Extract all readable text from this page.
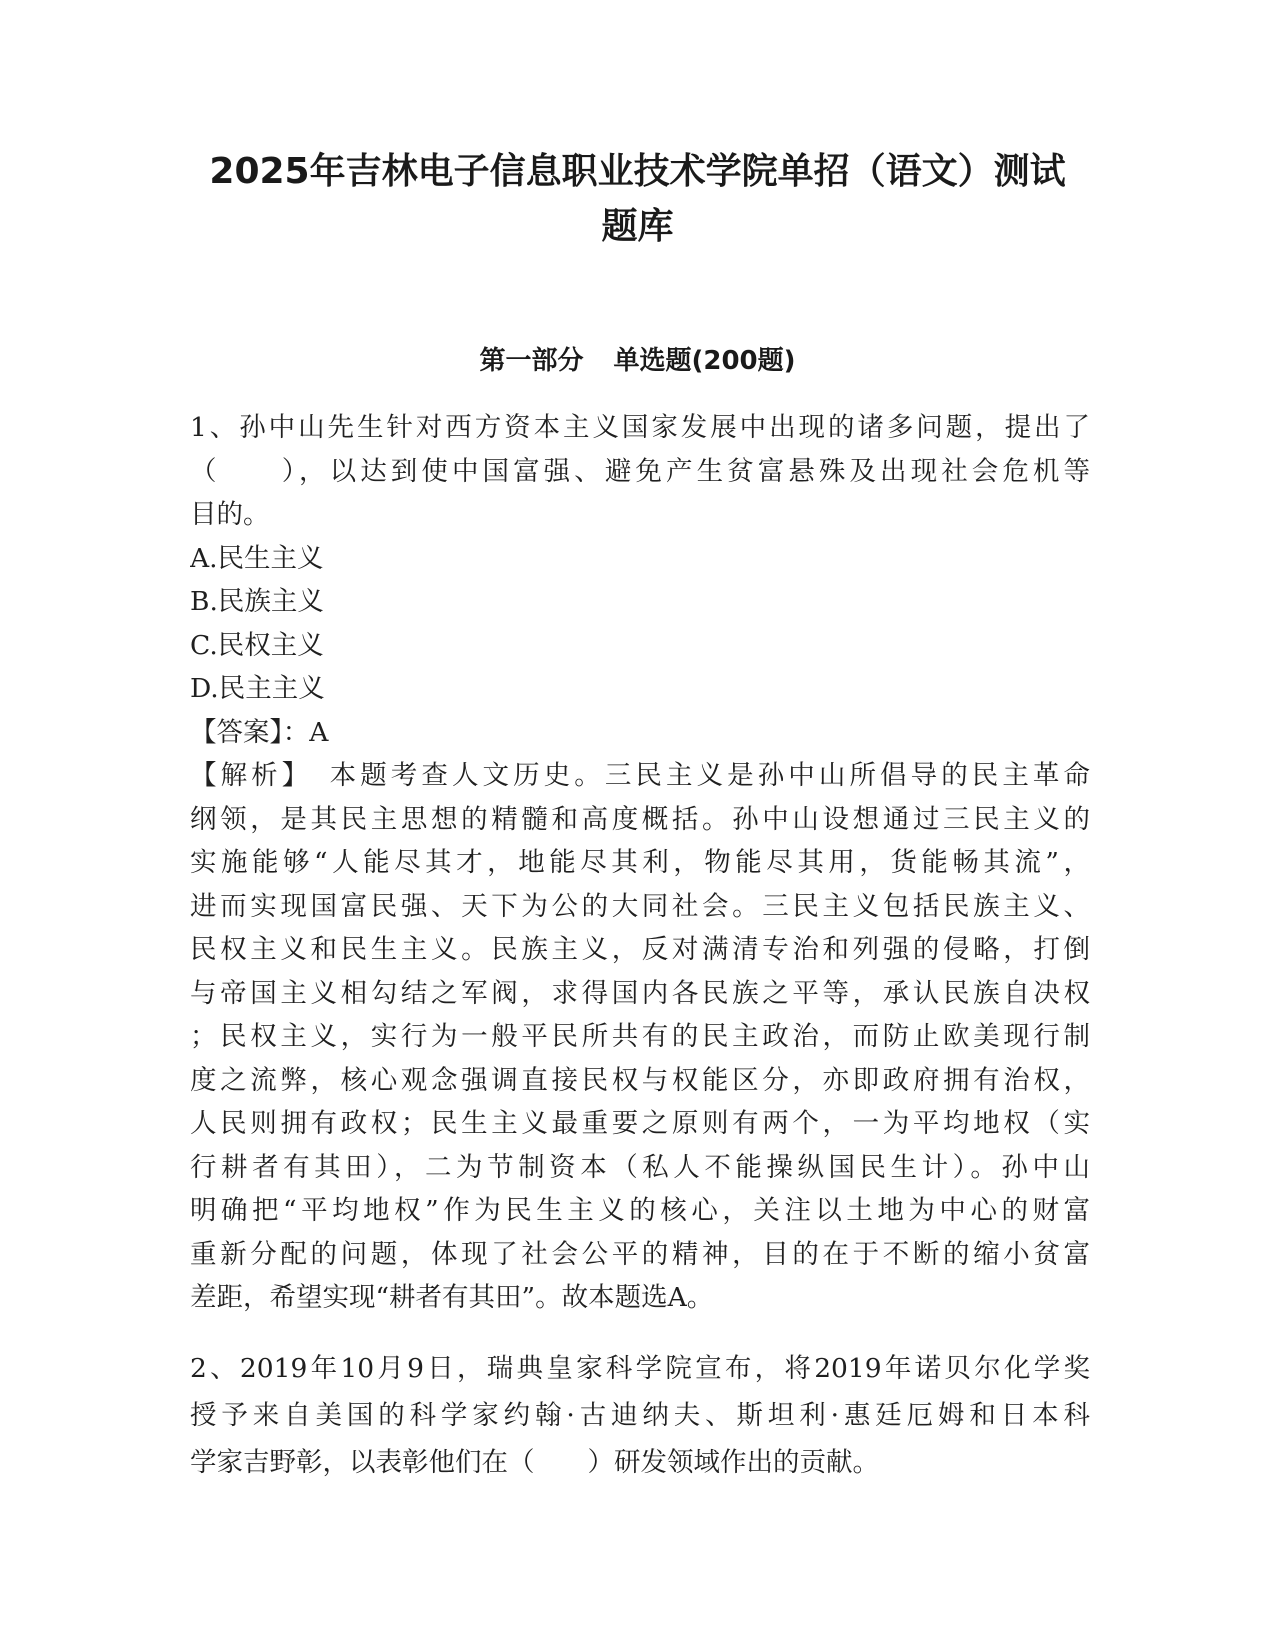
2025年吉林电子信息职业技术学院单招（语文）测试
题库
第一部分 单选题(200题)
1、孙中山先生针对西方资本主义国家发展中出现的诸多问题，提出了
（　　），以达到使中国富强、避免产生贫富悬殊及出现社会危机等
目的。
A.民生主义
B.民族主义
C.民权主义
D.民主主义
【答案】：A
【解析】　本题考查人文历史。三民主义是孙中山所倡导的民主革命
纲领，是其民主思想的精髓和高度概括。孙中山设想通过三民主义的
实施能够“人能尽其才，地能尽其利，物能尽其用，货能畅其流”，
进而实现国富民强、天下为公的大同社会。三民主义包括民族主义、
民权主义和民生主义。民族主义，反对满清专治和列强的侵略，打倒
与帝国主义相勾结之军阀，求得国内各民族之平等，承认民族自决权
；民权主义，实行为一般平民所共有的民主政治，而防止欧美现行制
度之流弊，核心观念强调直接民权与权能区分，亦即政府拥有治权，
人民则拥有政权；民生主义最重要之原则有两个，一为平均地权（实
行耕者有其田），二为节制资本（私人不能操纵国民生计）。孙中山
明确把“平均地权”作为民生主义的核心，关注以土地为中心的财富
重新分配的问题，体现了社会公平的精神，目的在于不断的缩小贫富
差距，希望实现“耕者有其田”。故本题选A。
2、2019年10月9日，瑞典皇家科学院宣布，将2019年诺贝尔化学奖
授予来自美国的科学家约翰·古迪纳夫、斯坦利·惠廷厄姆和日本科
学家吉野彰，以表彰他们在（　　）研发领域作出的贡献。
